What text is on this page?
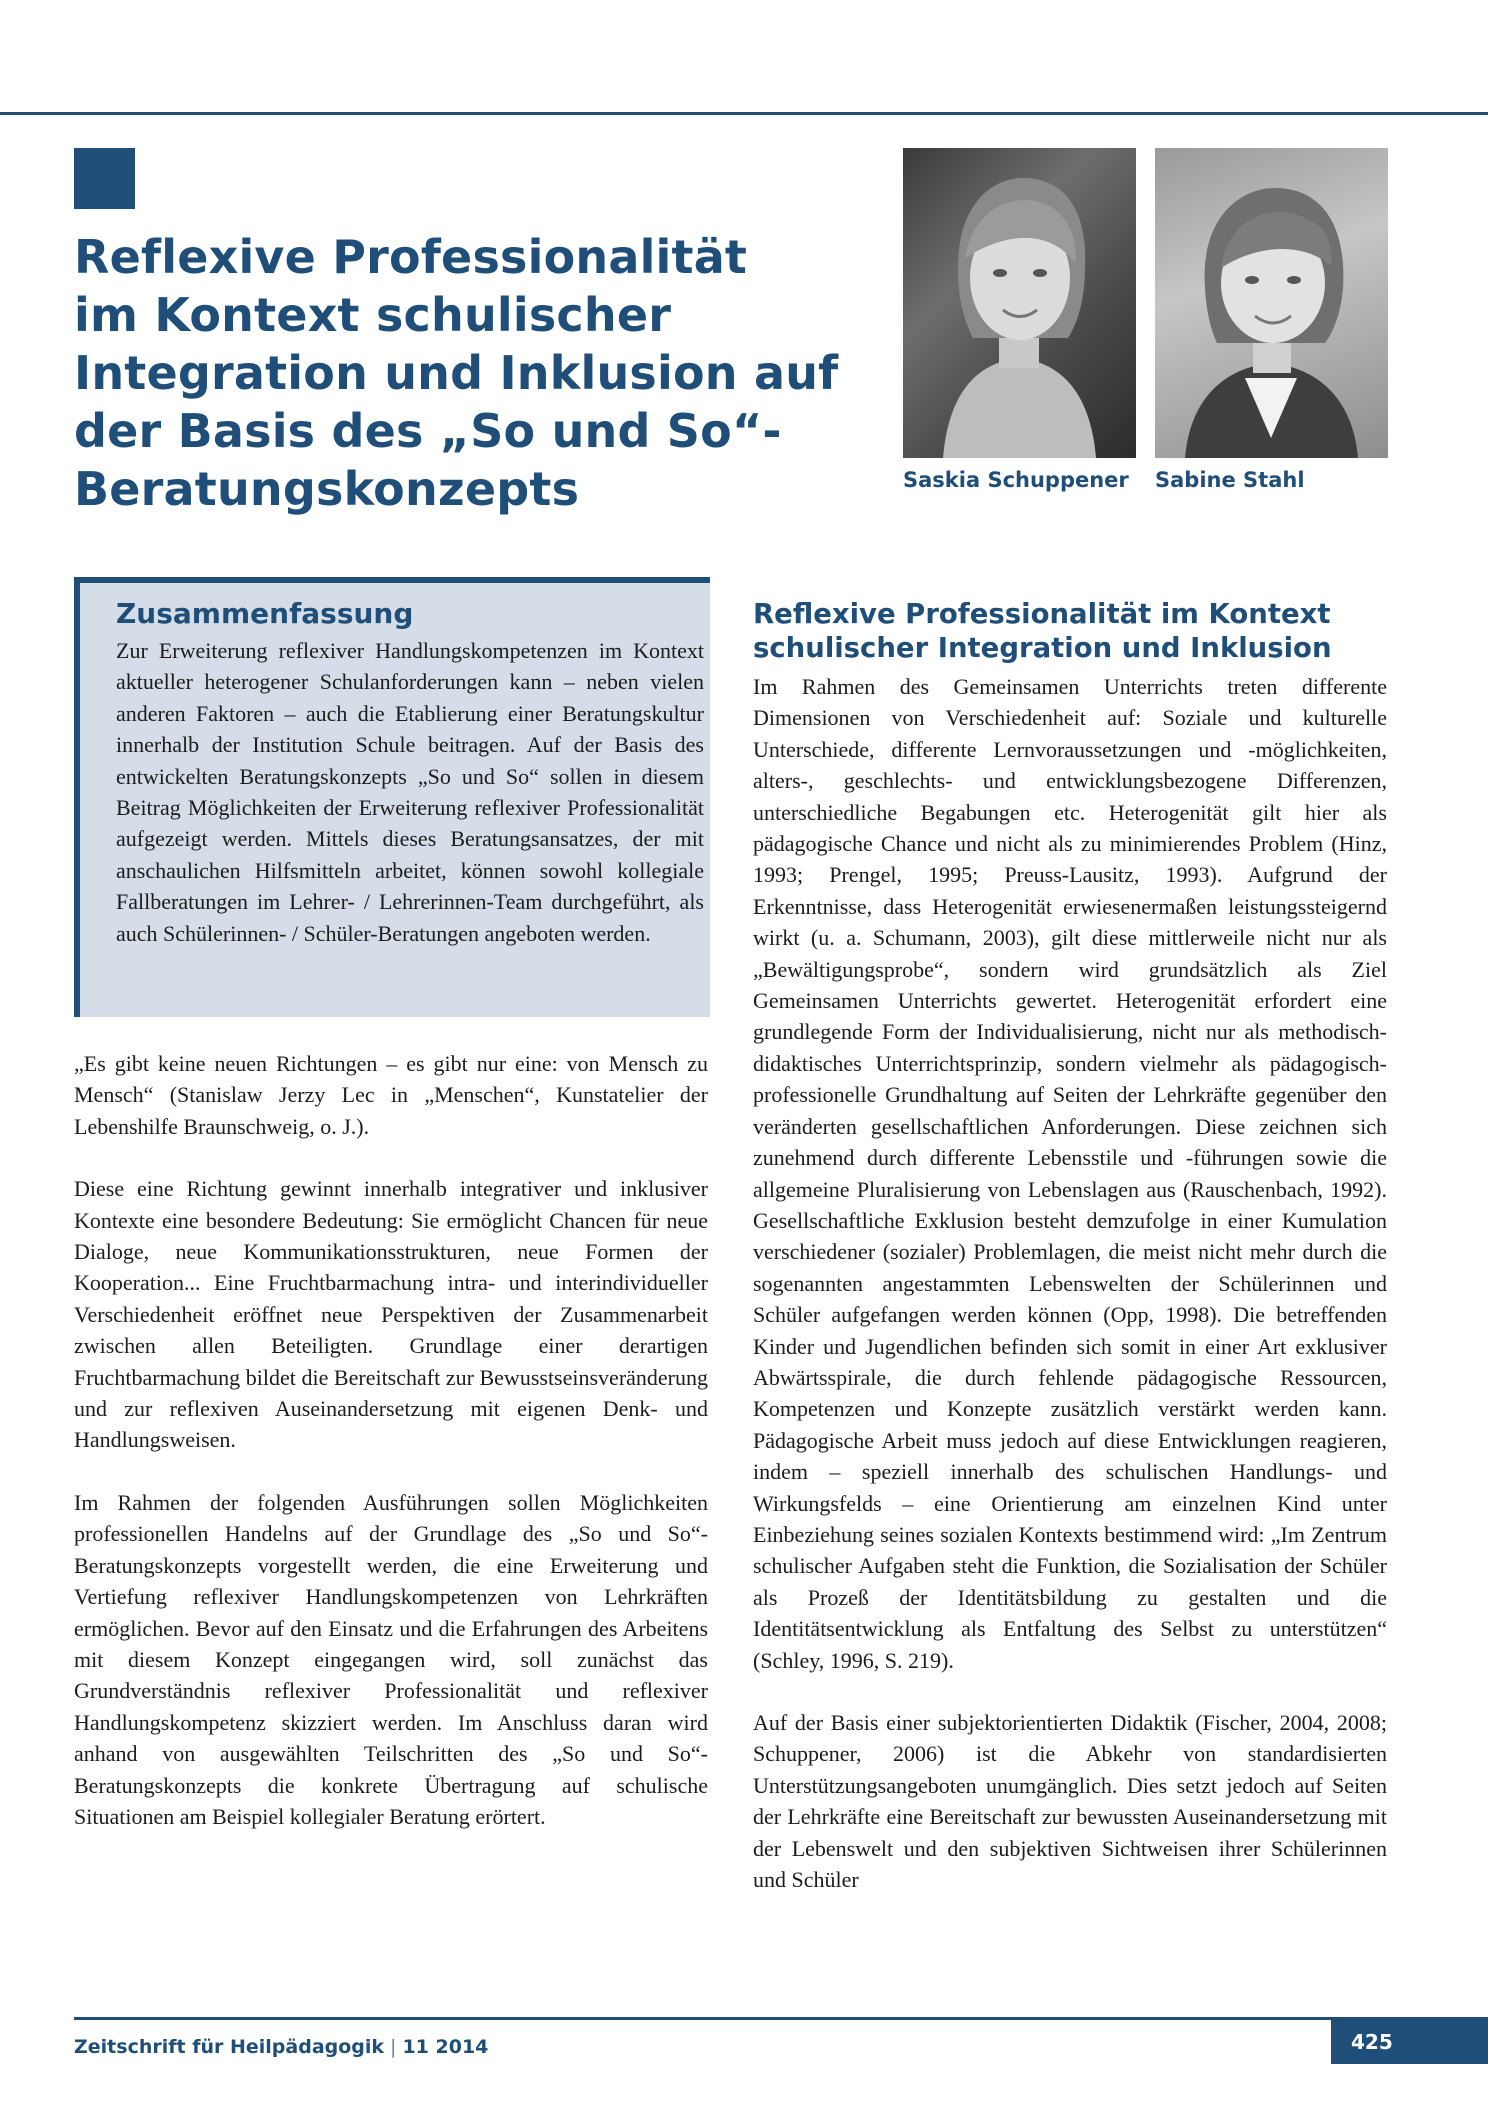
Reflexive Professionalität
im Kontext schulischer
Integration und Inklusion auf
der Basis des „So und So“-
Beratungskonzepts	Saskia Schuppener	Sabine Stahl
Zusammenfassung

Zur Erweiterung reflexiver Handlungskompetenzen im Kontext aktueller heterogener Schulanforderungen kann – neben vielen anderen Faktoren – auch die Etablierung einer Beratungskultur innerhalb der Institution Schule beitragen. Auf der Basis des entwickelten Beratungskonzepts „So und So“ sollen in diesem Beitrag Möglichkeiten der Erweiterung reflexiver Professionalität aufgezeigt werden. Mittels dieses Beratungsansatzes, der mit anschaulichen Hilfsmitteln arbeitet, können sowohl kollegiale Fallberatungen im Lehrer- / Lehrerinnen-Team durchgeführt, als auch Schülerinnen- / Schüler-Beratungen angeboten werden.

„Es gibt keine neuen Richtungen – es gibt nur eine: von Mensch zu Mensch“ (Stanislaw Jerzy Lec in „Menschen“, Kunstatelier der Lebenshilfe Braunschweig, o. J.).

Diese eine Richtung gewinnt innerhalb integrativer und inklusiver Kontexte eine besondere Bedeutung: Sie ermöglicht Chancen für neue Dialoge, neue Kommunikationsstrukturen, neue Formen der Kooperation... Eine Fruchtbarmachung intra- und interindividueller Verschiedenheit eröffnet neue Perspektiven der Zusammenarbeit zwischen allen Beteiligten. Grundlage einer derartigen Fruchtbarmachung bildet die Bereitschaft zur Bewusstseinsveränderung und zur reflexiven Auseinandersetzung mit eigenen Denk- und Handlungsweisen.

Im Rahmen der folgenden Ausführungen sollen Möglichkeiten professionellen Handelns auf der Grundlage des „So und So“-Beratungskonzepts vorgestellt werden, die eine Erweiterung und Vertiefung reflexiver Handlungskompetenzen von Lehrkräften ermöglichen. Bevor auf den Einsatz und die Erfahrungen des Arbeitens mit diesem Konzept eingegangen wird, soll zunächst das Grundverständnis reflexiver Professionalität und reflexiver Handlungskompetenz skizziert werden. Im Anschluss daran wird anhand von ausgewählten Teilschritten des „So und So“-Beratungskonzepts die konkrete Übertragung auf schulische Situationen am Beispiel kollegialer Beratung erörtert.

Reflexive Professionalität im Kontext
schulischer Integration und Inklusion

Im Rahmen des Gemeinsamen Unterrichts treten differente Dimensionen von Verschiedenheit auf: Soziale und kulturelle Unterschiede, differente Lernvoraussetzungen und -möglichkeiten, alters-, geschlechts- und entwicklungsbezogene Differenzen, unterschiedliche Begabungen etc. Heterogenität gilt hier als pädagogische Chance und nicht als zu minimierendes Problem (Hinz, 1993; Prengel, 1995; Preuss-Lausitz, 1993). Aufgrund der Erkenntnisse, dass Heterogenität erwiesenermaßen leistungssteigernd wirkt (u. a. Schumann, 2003), gilt diese mittlerweile nicht nur als „Bewältigungsprobe“, sondern wird grundsätzlich als Ziel Gemeinsamen Unterrichts gewertet. Heterogenität erfordert eine grundlegende Form der Individualisierung, nicht nur als methodisch-didaktisches Unterrichtsprinzip, sondern vielmehr als pädagogisch-professionelle Grundhaltung auf Seiten der Lehrkräfte gegenüber den veränderten gesellschaftlichen Anforderungen. Diese zeichnen sich zunehmend durch differente Lebensstile und -führungen sowie die allgemeine Pluralisierung von Lebenslagen aus (Rauschenbach, 1992). Gesellschaftliche Exklusion besteht demzufolge in einer Kumulation verschiedener (sozialer) Problemlagen, die meist nicht mehr durch die sogenannten angestammten Lebenswelten der Schülerinnen und Schüler aufgefangen werden können (Opp, 1998). Die betreffenden Kinder und Jugendlichen befinden sich somit in einer Art exklusiver Abwärtsspirale, die durch fehlende pädagogische Ressourcen, Kompetenzen und Konzepte zusätzlich verstärkt werden kann. Pädagogische Arbeit muss jedoch auf diese Entwicklungen reagieren, indem – speziell innerhalb des schulischen Handlungs- und Wirkungsfelds – eine Orientierung am einzelnen Kind unter Einbeziehung seines sozialen Kontexts bestimmend wird: „Im Zentrum schulischer Aufgaben steht die Funktion, die Sozialisation der Schüler als Prozeß der Identitätsbildung zu gestalten und die Identitätsentwicklung als Entfaltung des Selbst zu unterstützen“ (Schley, 1996, S. 219).

Auf der Basis einer subjektorientierten Didaktik (Fischer, 2004, 2008; Schuppener, 2006) ist die Abkehr von standardisierten Unterstützungsangeboten unumgänglich. Dies setzt jedoch auf Seiten der Lehrkräfte eine Bereitschaft zur bewussten Auseinandersetzung mit der Lebenswelt und den subjektiven Sichtweisen ihrer Schülerinnen und Schüler

Zeitschrift für Heilpädagogik | 11 2014	425
